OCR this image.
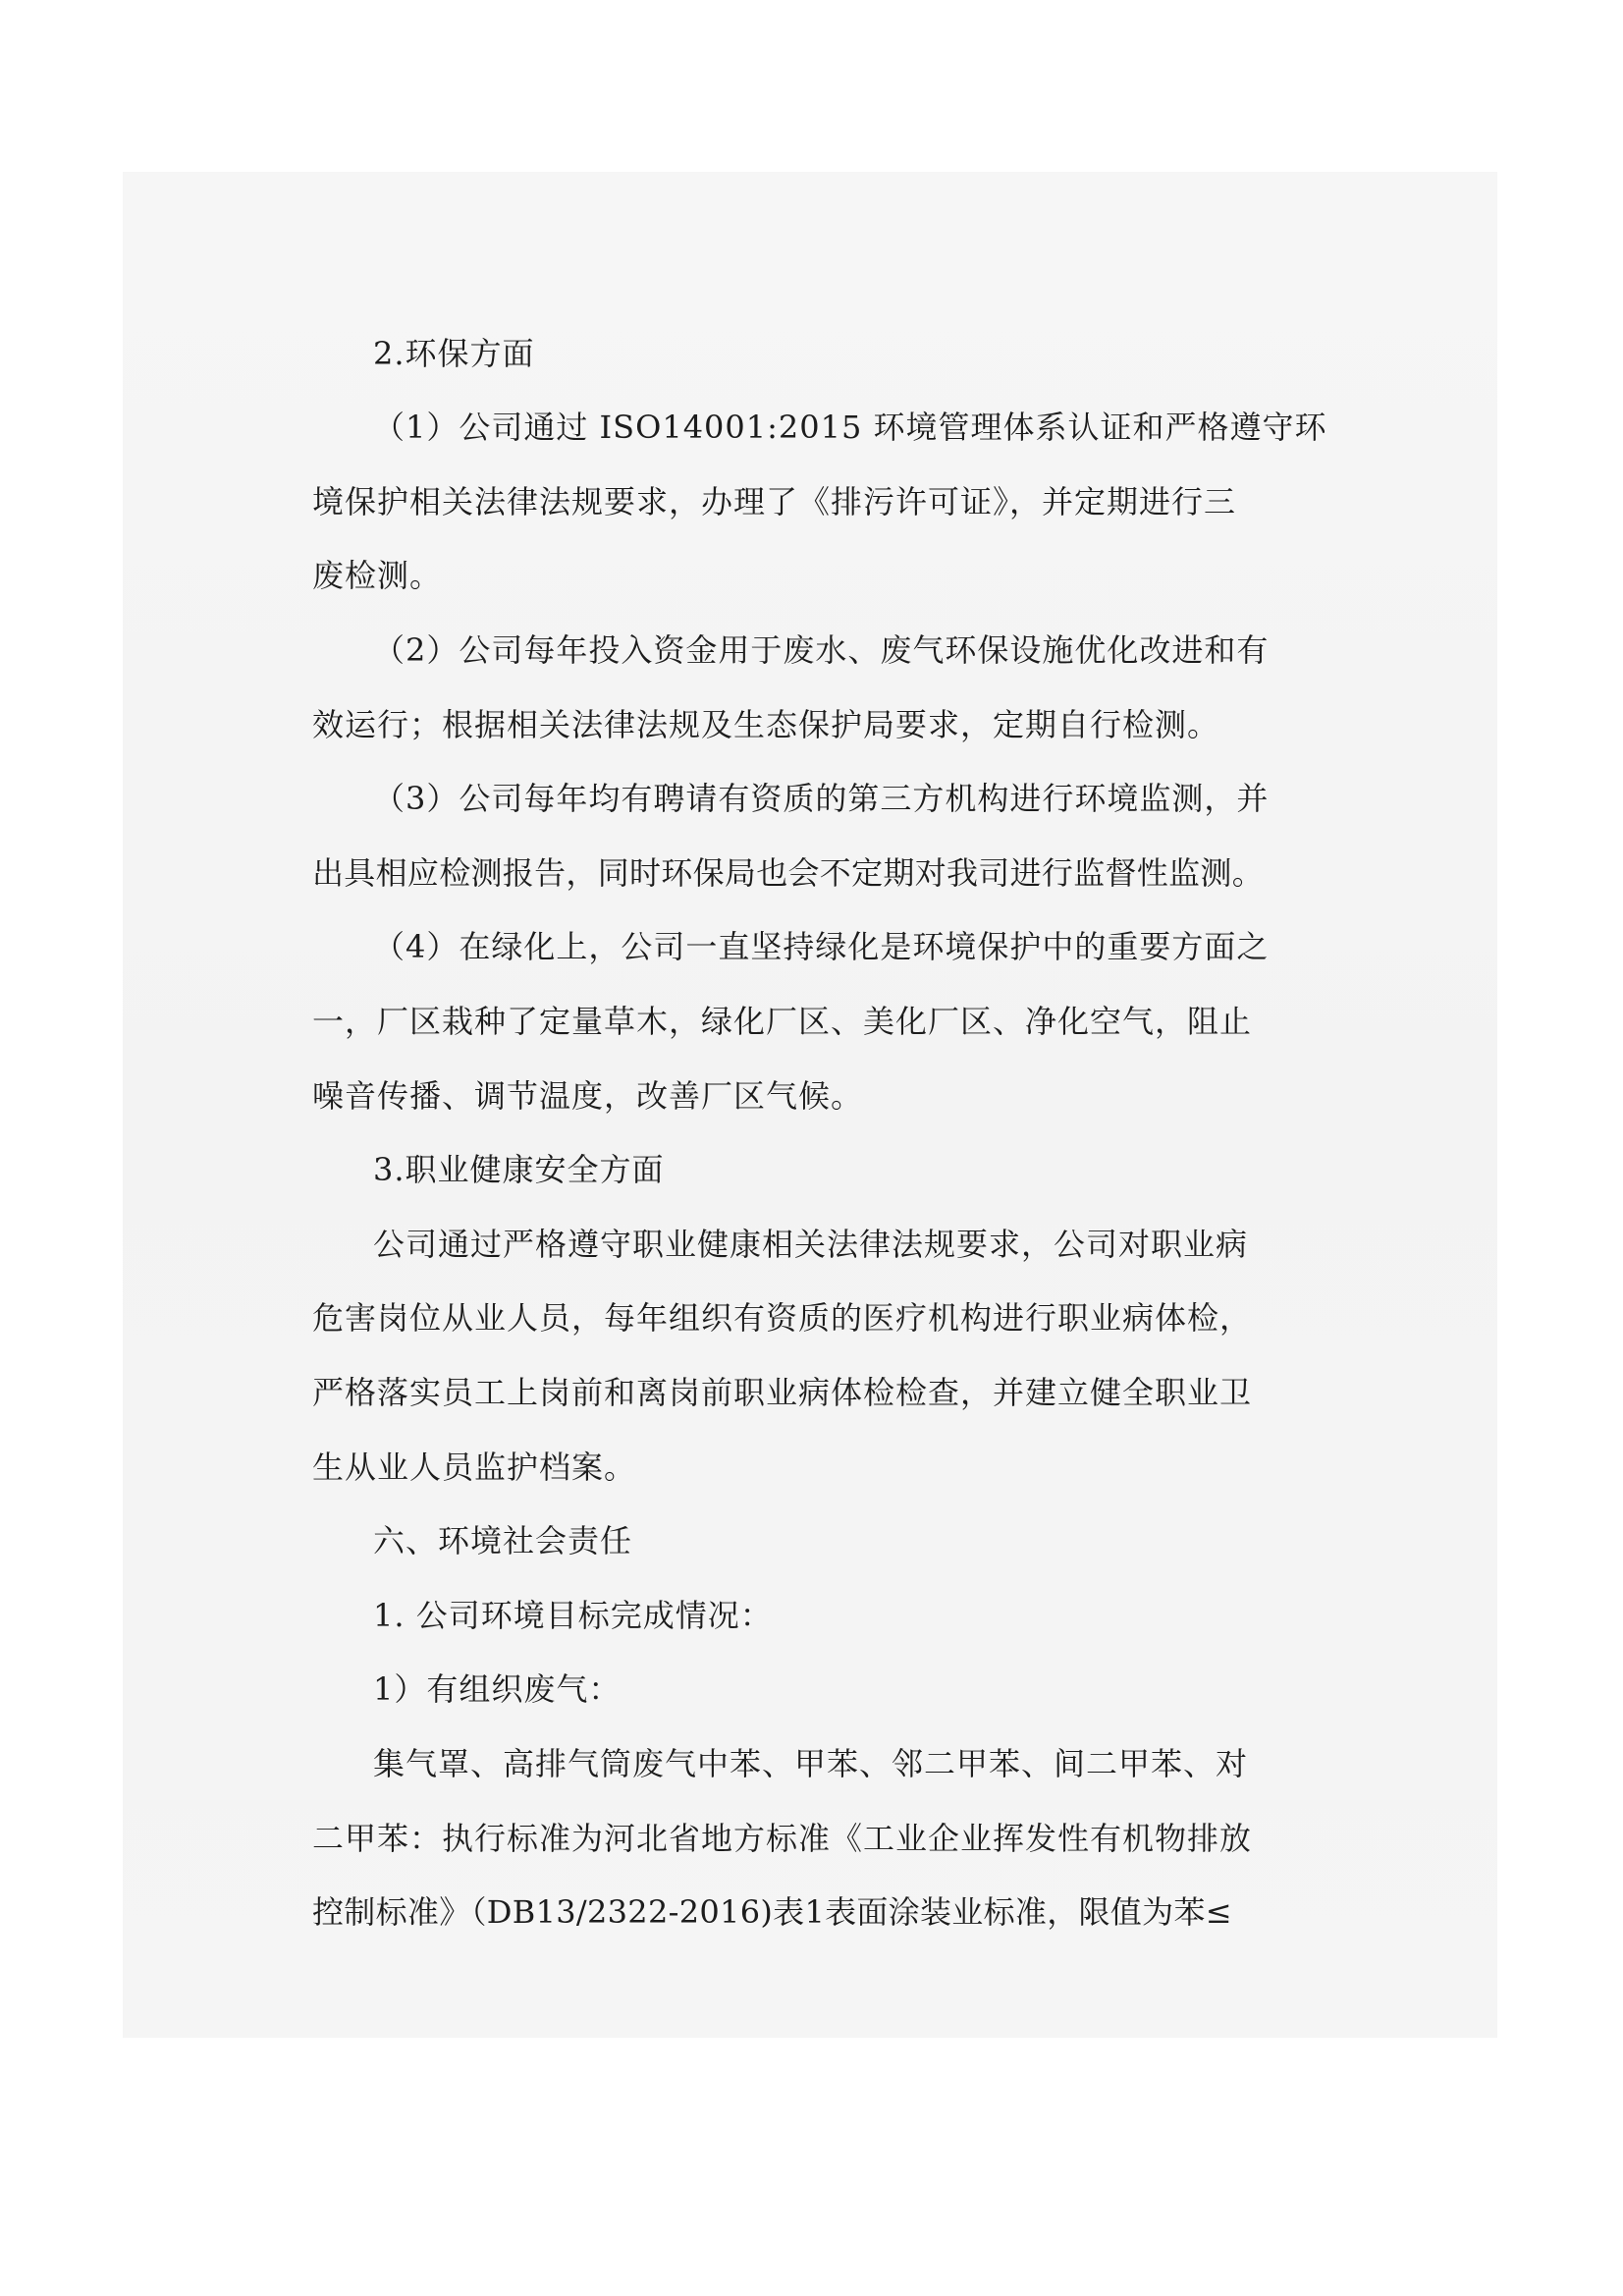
2.环保方面
（1）公司通过 ISO14001:2015 环境管理体系认证和严格遵守环
境保护相关法律法规要求，办理了《排污许可证》，并定期进行三
废检测。
（2）公司每年投入资金用于废水、废气环保设施优化改进和有
效运行；根据相关法律法规及生态保护局要求，定期自行检测。
（3）公司每年均有聘请有资质的第三方机构进行环境监测，并
出具相应检测报告，同时环保局也会不定期对我司进行监督性监测。
（4）在绿化上，公司一直坚持绿化是环境保护中的重要方面之
一，厂区栽种了定量草木，绿化厂区、美化厂区、净化空气，阻止
噪音传播、调节温度，改善厂区气候。
3.职业健康安全方面
公司通过严格遵守职业健康相关法律法规要求，公司对职业病
危害岗位从业人员，每年组织有资质的医疗机构进行职业病体检，
严格落实员工上岗前和离岗前职业病体检检查，并建立健全职业卫
生从业人员监护档案。
六、环境社会责任
1. 公司环境目标完成情况：
1）有组织废气：
集气罩、高排气筒废气中苯、甲苯、邻二甲苯、间二甲苯、对
二甲苯：执行标准为河北省地方标准《工业企业挥发性有机物排放
控制标准》（DB13/2322-2016)表1表面涂装业标准，限值为苯≤
